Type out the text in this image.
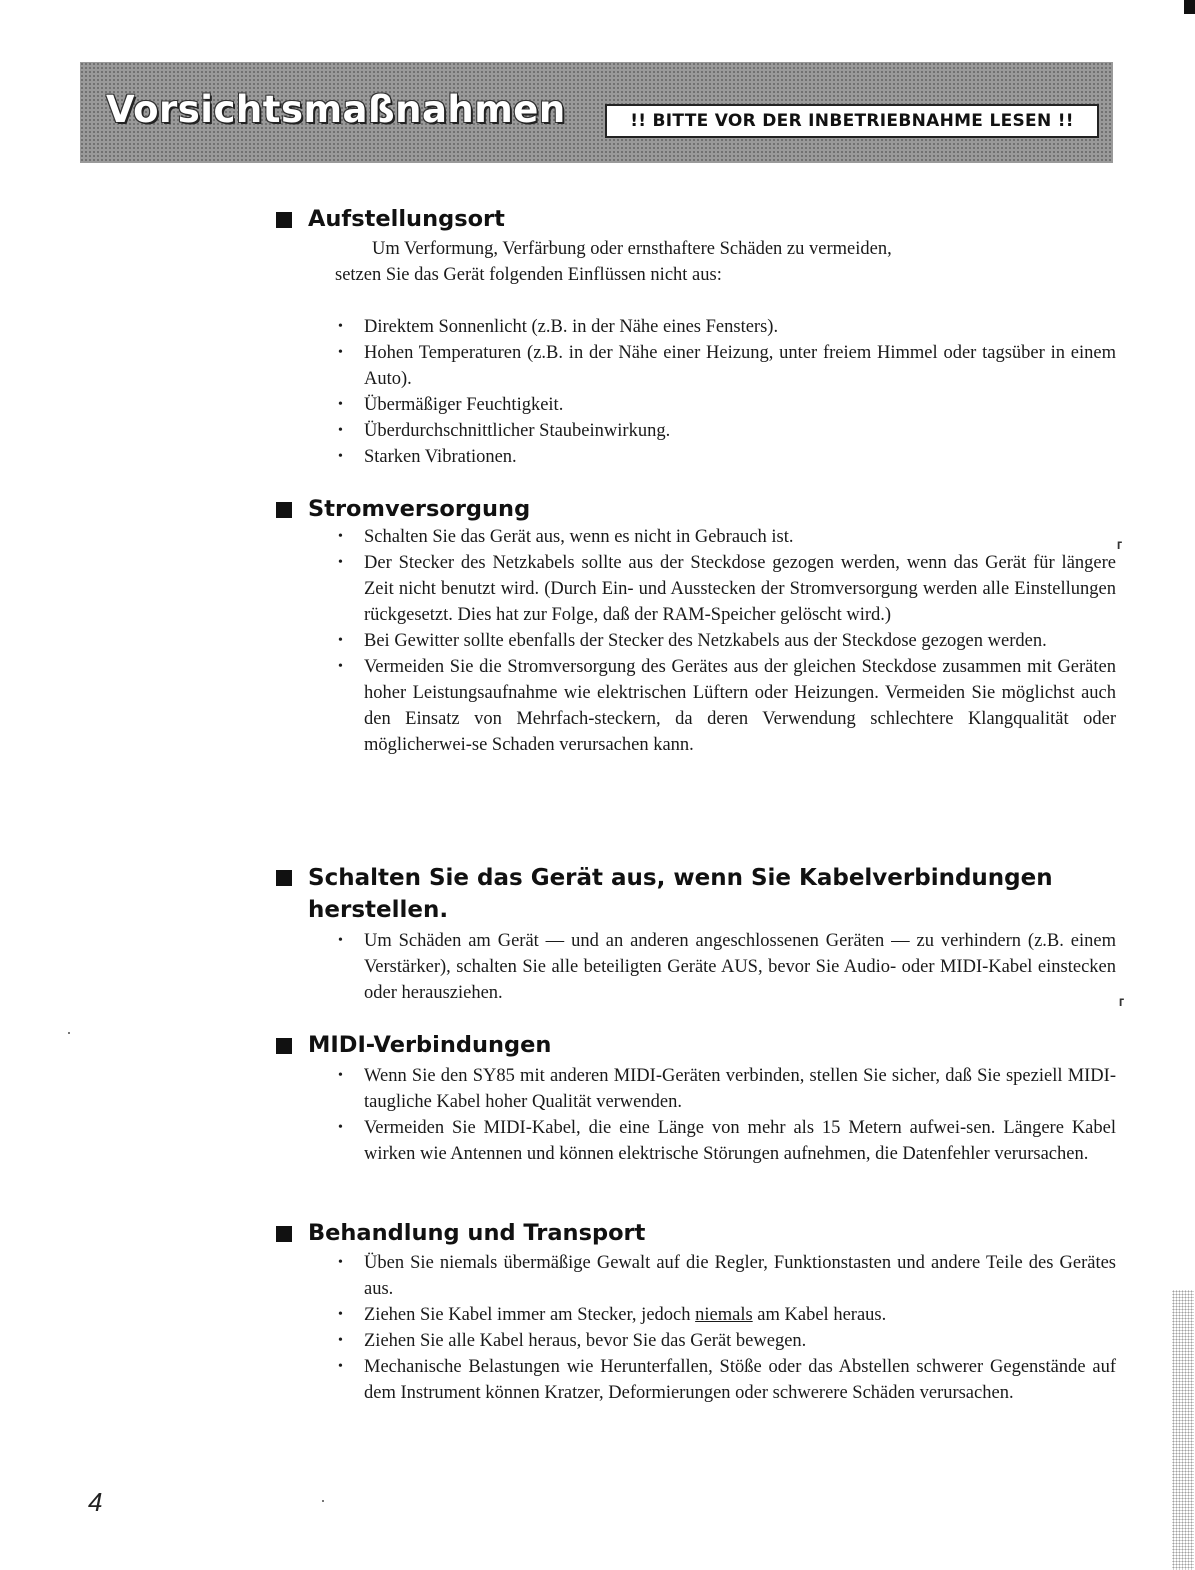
Vorsichtsmaßnahmen	!! BITTE VOR DER INBETRIEBNAHME LESEN !!
Aufstellungsort

Um Verformung, Verfärbung oder ernsthaftere Schäden zu vermeiden,
setzen Sie das Gerät folgenden Einflüssen nicht aus:

• Direktem Sonnenlicht (z.B. in der Nähe eines Fensters).
• Hohen Temperaturen (z.B. in der Nähe einer Heizung, unter freiem Himmel oder tagsüber in einem Auto).
• Übermäßiger Feuchtigkeit.
• Überdurchschnittlicher Staubeinwirkung.
• Starken Vibrationen.
Stromversorgung
• Schalten Sie das Gerät aus, wenn es nicht in Gebrauch ist.
• Der Stecker des Netzkabels sollte aus der Steckdose gezogen werden, wenn das Gerät für längere Zeit nicht benutzt wird. (Durch Ein- und Ausstecken der Stromversorgung werden alle Einstellungen rückgesetzt. Dies hat zur Folge, daß der RAM-Speicher gelöscht wird.)
• Bei Gewitter sollte ebenfalls der Stecker des Netzkabels aus der Steckdose gezogen werden.
• Vermeiden Sie die Stromversorgung des Gerätes aus der gleichen Steckdose zusammen mit Geräten hoher Leistungsaufnahme wie elektrischen Lüftern oder Heizungen. Vermeiden Sie möglichst auch den Einsatz von Mehrfach-steckern, da deren Verwendung schlechtere Klangqualität oder möglicherwei-se Schaden verursachen kann.
Schalten Sie das Gerät aus, wenn Sie Kabelverbindungen
herstellen.
• Um Schäden am Gerät — und an anderen angeschlossenen Geräten — zu verhindern (z.B. einem Verstärker), schalten Sie alle beteiligten Geräte AUS, bevor Sie Audio- oder MIDI-Kabel einstecken oder herausziehen.
MIDI-Verbindungen
• Wenn Sie den SY85 mit anderen MIDI-Geräten verbinden, stellen Sie sicher, daß Sie speziell MIDI-taugliche Kabel hoher Qualität verwenden.
• Vermeiden Sie MIDI-Kabel, die eine Länge von mehr als 15 Metern aufwei-sen. Längere Kabel wirken wie Antennen und können elektrische Störungen aufnehmen, die Datenfehler verursachen.
Behandlung und Transport
• Üben Sie niemals übermäßige Gewalt auf die Regler, Funktionstasten und andere Teile des Gerätes aus.
• Ziehen Sie Kabel immer am Stecker, jedoch niemals am Kabel heraus.
• Ziehen Sie alle Kabel heraus, bevor Sie das Gerät bewegen.
• Mechanische Belastungen wie Herunterfallen, Stöße oder das Abstellen schwerer Gegenstände auf dem Instrument können Kratzer, Deformierungen oder schwerere Schäden verursachen.
4
⸢
⸢
